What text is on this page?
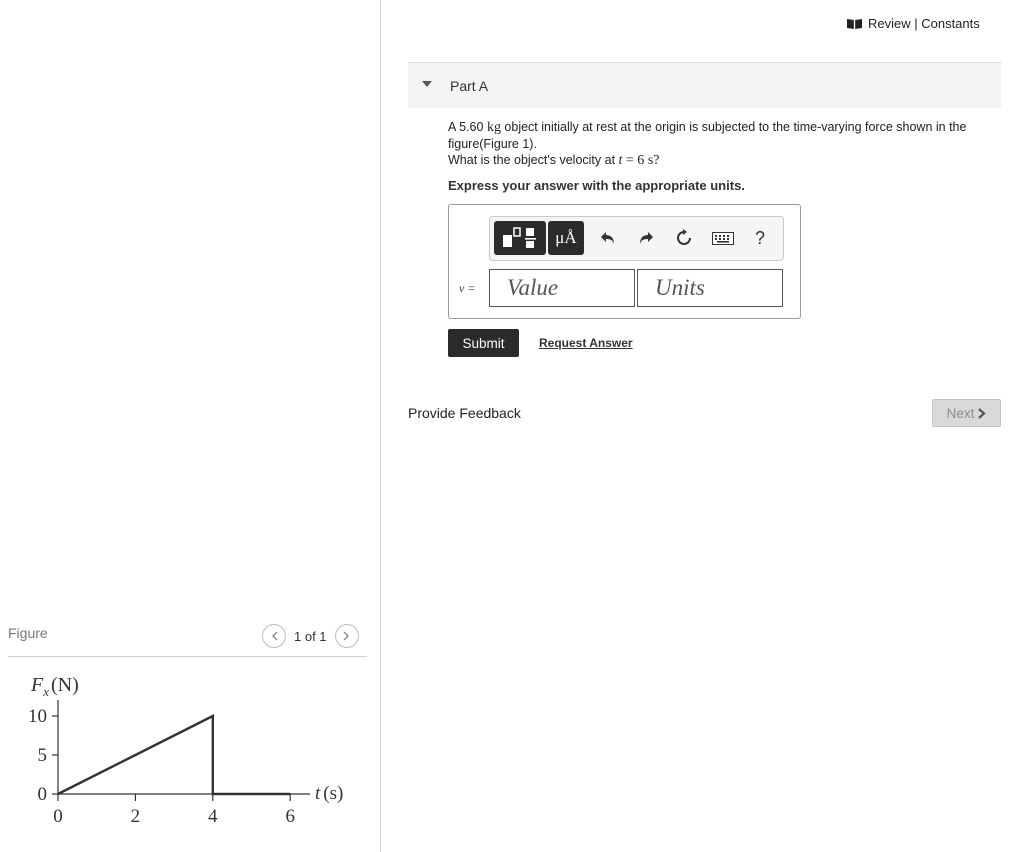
Review | Constants
Part A
A 5.60 kg object initially at rest at the origin is subjected to the time-varying force shown in the figure(Figure 1).
What is the object's velocity at t = 6 s?
Express your answer with the appropriate units.
μÅ	?
v =	Value	Units
Submit	Request Answer
Provide Feedback	Next
Figure	1 of 1
$F_x$ (N)
t (s)
0	2	4	6
0
5
10
